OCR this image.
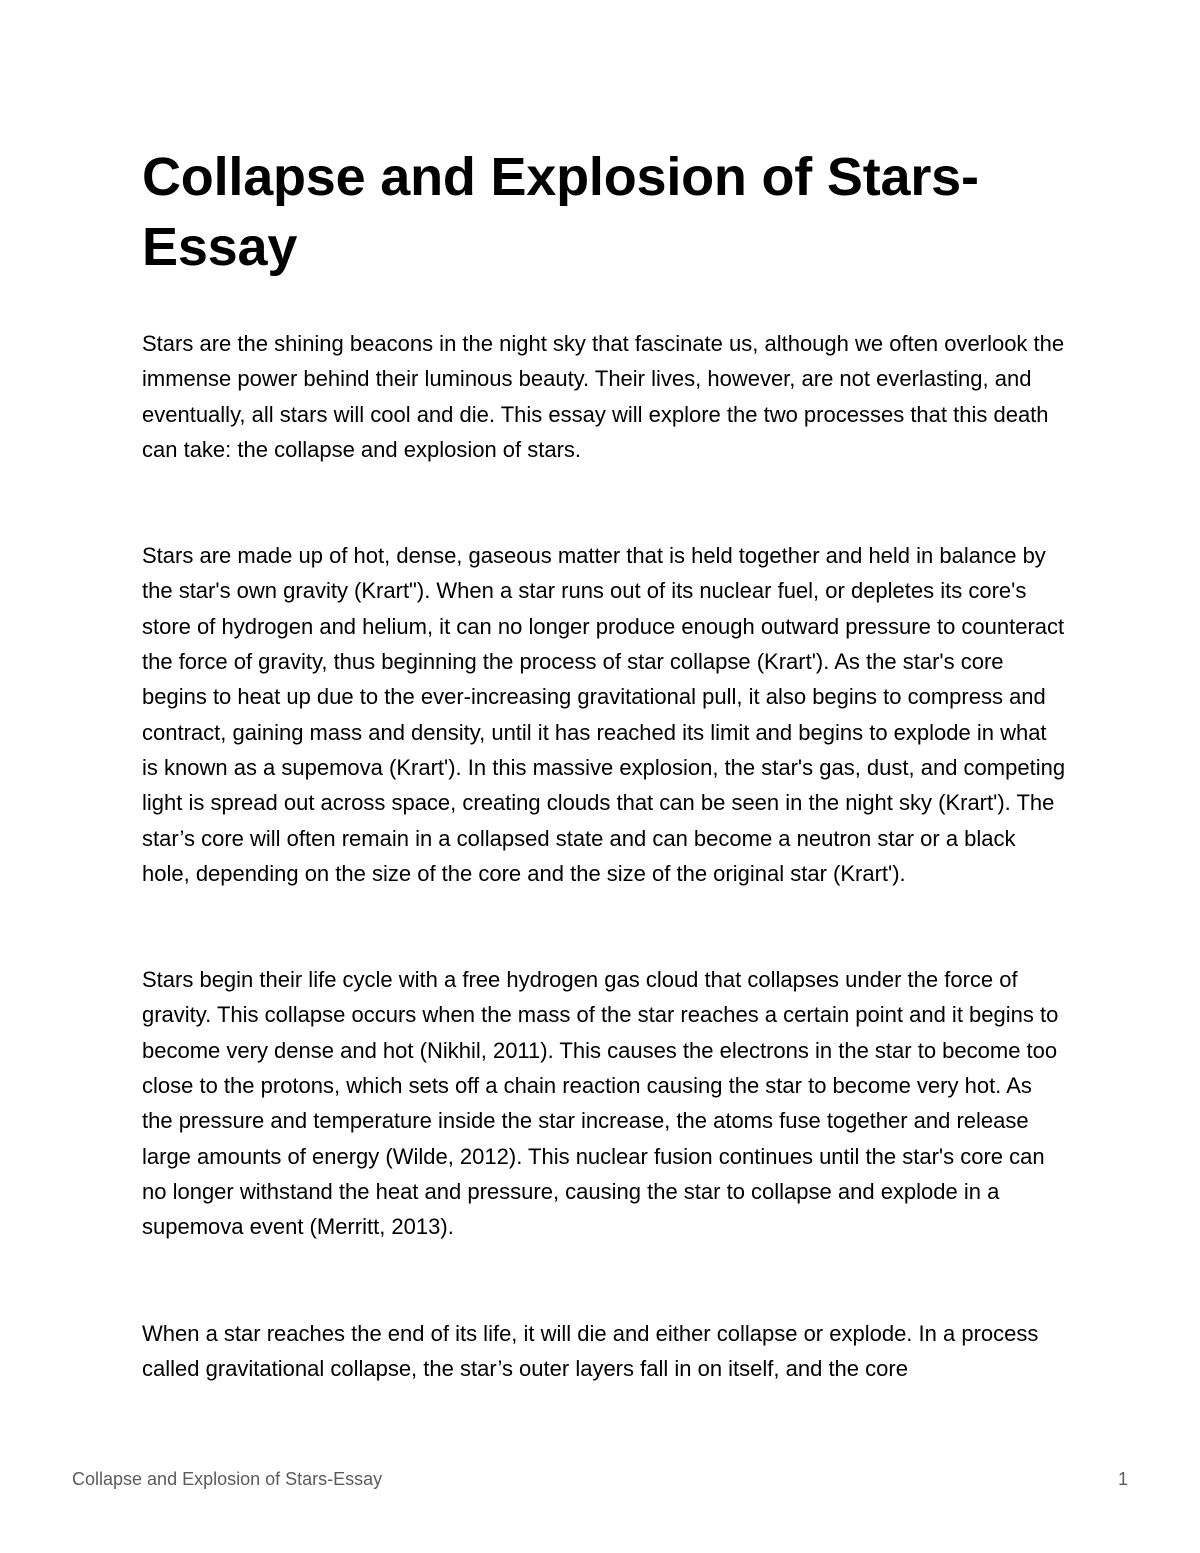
Collapse and Explosion of Stars-Essay

Stars are the shining beacons in the night sky that fascinate us, although we often overlook the immense power behind their luminous beauty. Their lives, however, are not everlasting, and eventually, all stars will cool and die. This essay will explore the two processes that this death can take: the collapse and explosion of stars.

Stars are made up of hot, dense, gaseous matter that is held together and held in balance by the star's own gravity (Krart"). When a star runs out of its nuclear fuel, or depletes its core's store of hydrogen and helium, it can no longer produce enough outward pressure to counteract the force of gravity, thus beginning the process of star collapse (Krart'). As the star's core begins to heat up due to the ever-increasing gravitational pull, it also begins to compress and contract, gaining mass and density, until it has reached its limit and begins to explode in what is known as a supemova (Krart'). In this massive explosion, the star's gas, dust, and competing light is spread out across space, creating clouds that can be seen in the night sky (Krart'). The star’s core will often remain in a collapsed state and can become a neutron star or a black hole, depending on the size of the core and the size of the original star (Krart').

Stars begin their life cycle with a free hydrogen gas cloud that collapses under the force of gravity. This collapse occurs when the mass of the star reaches a certain point and it begins to become very dense and hot (Nikhil, 2011). This causes the electrons in the star to become too close to the protons, which sets off a chain reaction causing the star to become very hot. As the pressure and temperature inside the star increase, the atoms fuse together and release large amounts of energy (Wilde, 2012). This nuclear fusion continues until the star's core can no longer withstand the heat and pressure, causing the star to collapse and explode in a supemova event (Merritt, 2013).

When a star reaches the end of its life, it will die and either collapse or explode. In a process called gravitational collapse, the star’s outer layers fall in on itself, and the core

Collapse and Explosion of Stars-Essay	1
